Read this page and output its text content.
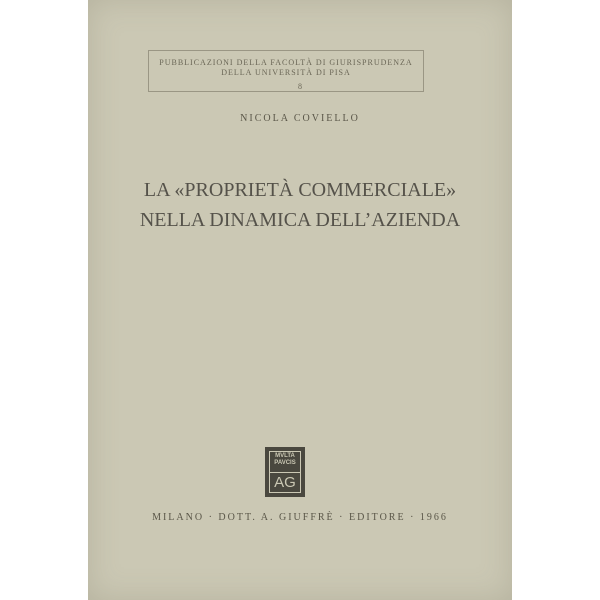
PUBBLICAZIONI DELLA FACOLTÀ DI GIURISPRUDENZA
DELLA UNIVERSITÀ DI PISA
8
NICOLA COVIELLO
LA «PROPRIETÀ COMMERCIALE»
NELLA DINAMICA DELL’AZIENDA
MVLTA
PAVCIS
AG
MILANO · DOTT. A. GIUFFRÈ · EDITORE · 1966
